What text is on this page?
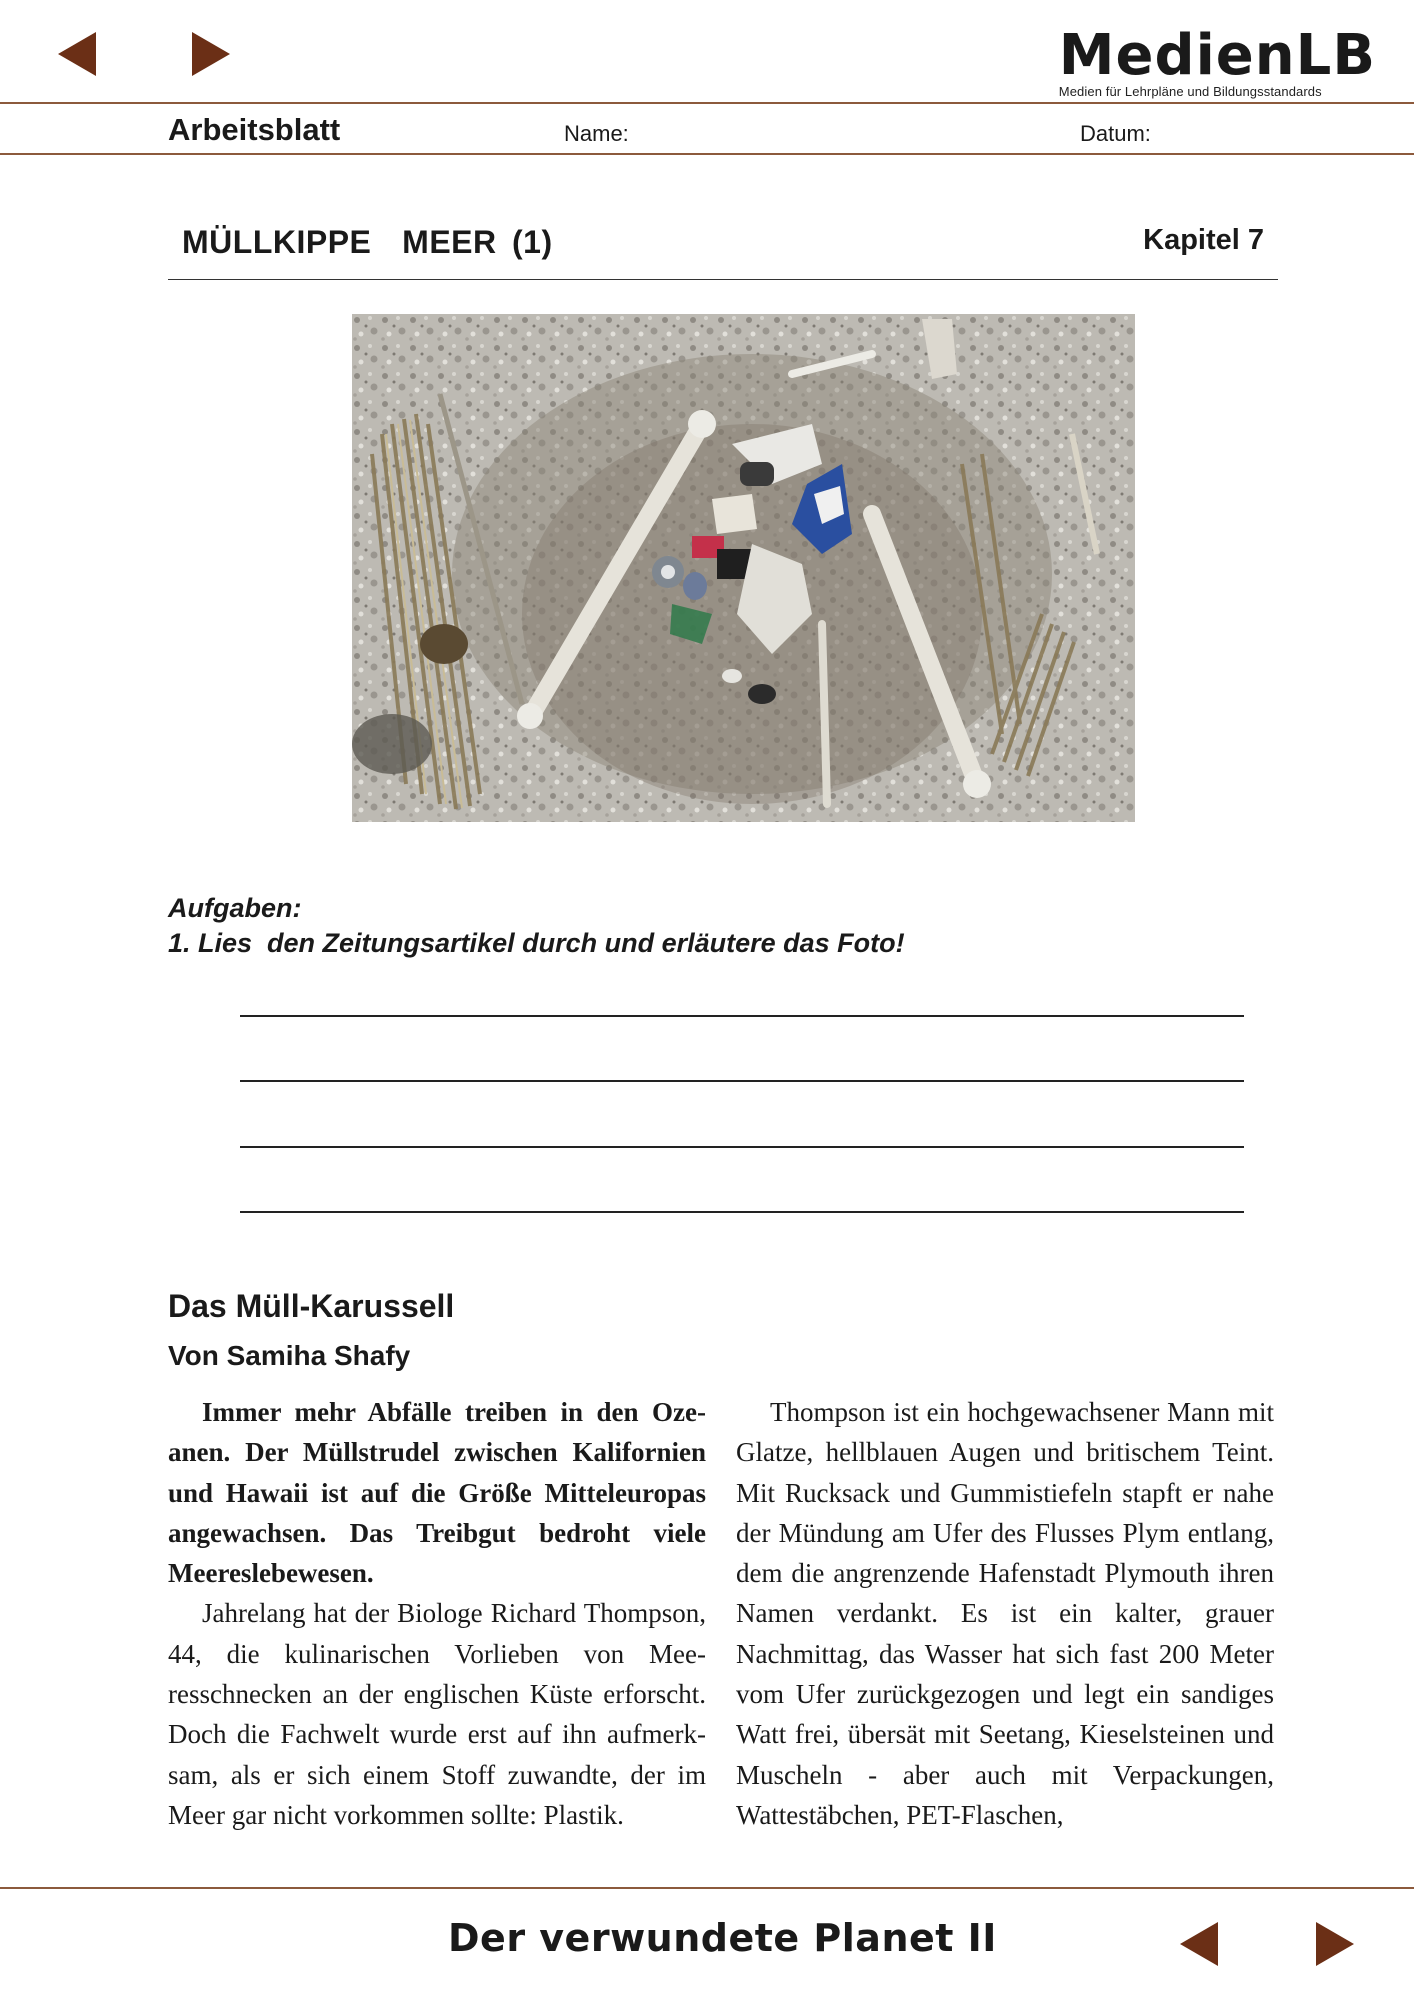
MedienLB
Medien für Lehrpläne und Bildungsstandards
Arbeitsblatt	Name:	Datum:
MÜLLKIPPE  MEER (1)	Kapitel 7
Aufgaben:
1. Lies  den Zeitungsartikel durch und erläutere das Foto!
Das Müll-Karussell
Von Samiha Shafy

Immer mehr Abfälle treiben in den Ozeanen. Der Müllstrudel zwischen Kalifornien und Hawaii ist auf die Größe Mitteleuropas angewachsen. Das Treibgut bedroht viele Meereslebewesen.

Jahrelang hat der Biologe Richard Thompson, 44, die kulinarischen Vorlieben von Meeresschnecken an der englischen Küste erforscht. Doch die Fachwelt wurde erst auf ihn aufmerksam, als er sich einem Stoff zuwandte, der im Meer gar nicht vorkommen sollte: Plastik.

Thompson ist ein hochgewachsener Mann mit Glatze, hellblauen Augen und britischem Teint. Mit Rucksack und Gummistiefeln stapft er nahe der Mündung am Ufer des Flusses Plym entlang, dem die angrenzende Hafenstadt Plymouth ihren Namen verdankt. Es ist ein kalter, grauer Nachmittag, das Wasser hat sich fast 200 Meter vom Ufer zurückgezogen und legt ein sandiges Watt frei, übersät mit Seetang, Kieselsteinen und Muscheln - aber auch mit Verpackungen, Wattestäbchen, PET-Flaschen,

Der verwundete Planet II
